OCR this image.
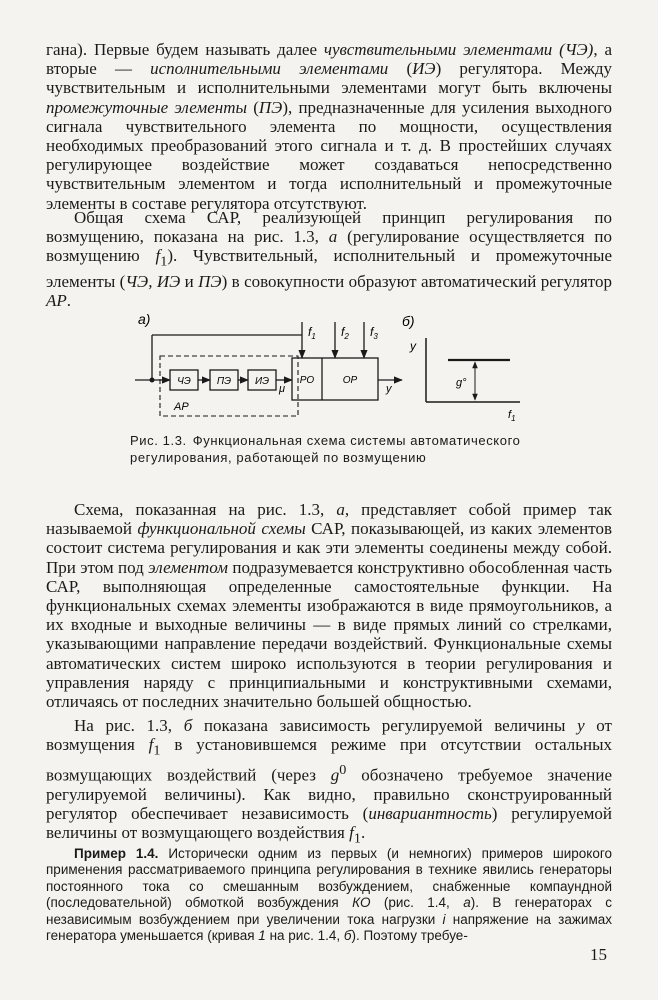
гана). Первые будем называть далее чувствительными элементами (ЧЭ), а вторые — исполнительными элементами (ИЭ) регулятора. Между чувствительным и исполнительными элементами могут быть включены промежуточные элементы (ПЭ), предназначенные для усиления выходного сигнала чувствительного элемента по мощности, осуществления необходимых преобразований этого сигнала и т. д. В простейших случаях регулирующее воздействие может создаваться непосредственно чувствительным элементом и тогда исполнительный и промежуточные элементы в составе регулятора отсутствуют.

Общая схема САР, реализующей принцип регулирования по возмущению, показана на рис. 1.3, а (регулирование осуществляется по возмущению $f_1$). Чувствительный, исполнительный и промежуточные элементы (ЧЭ, ИЭ и ПЭ) в совокупности образуют автоматический регулятор АР.

а)
$f_1$ $f_2$ $f_3$
АР
ЧЭ	ПЭ ИЭ
μ
РО	ОР
у
б)
y
g°
$f_1$

Рис. 1.3. Функциональная схема системы автоматического регулирования, работающей по возмущению

Схема, показанная на рис. 1.3, а, представляет собой пример так называемой функциональной схемы САР, показывающей, из каких элементов состоит система регулирования и как эти элементы соединены между собой. При этом под элементом подразумевается конструктивно обособленная часть САР, выполняющая определенные самостоятельные функции. На функциональных схемах элементы изображаются в виде прямоугольников, а их входные и выходные величины — в виде прямых линий со стрелками, указывающими направление передачи воздействий. Функциональные схемы автоматических систем широко используются в теории регулирования и управления наряду с принципиальными и конструктивными схемами, отличаясь от последних значительно большей общностью.

На рис. 1.3, б показана зависимость регулируемой величины y от возмущения $f_1$ в установившемся режиме при отсутствии остальных возмущающих воздействий (через $g^0$ обозначено требуемое значение регулируемой величины). Как видно, правильно сконструированный регулятор обеспечивает независимость (инвариантность) регулируемой величины от возмущающего воздействия $f_1$.

Пример 1.4. Исторически одним из первых (и немногих) примеров широкого применения рассматриваемого принципа регулирования в технике явились генераторы постоянного тока со смешанным возбуждением, снабженные компаундной (последовательной) обмоткой возбуждения КО (рис. 1.4, а). В генераторах с независимым возбуждением при увеличении тока нагрузки i напряжение на зажимах генератора уменьшается (кривая 1 на рис. 1.4, б). Поэтому требуе-

15
